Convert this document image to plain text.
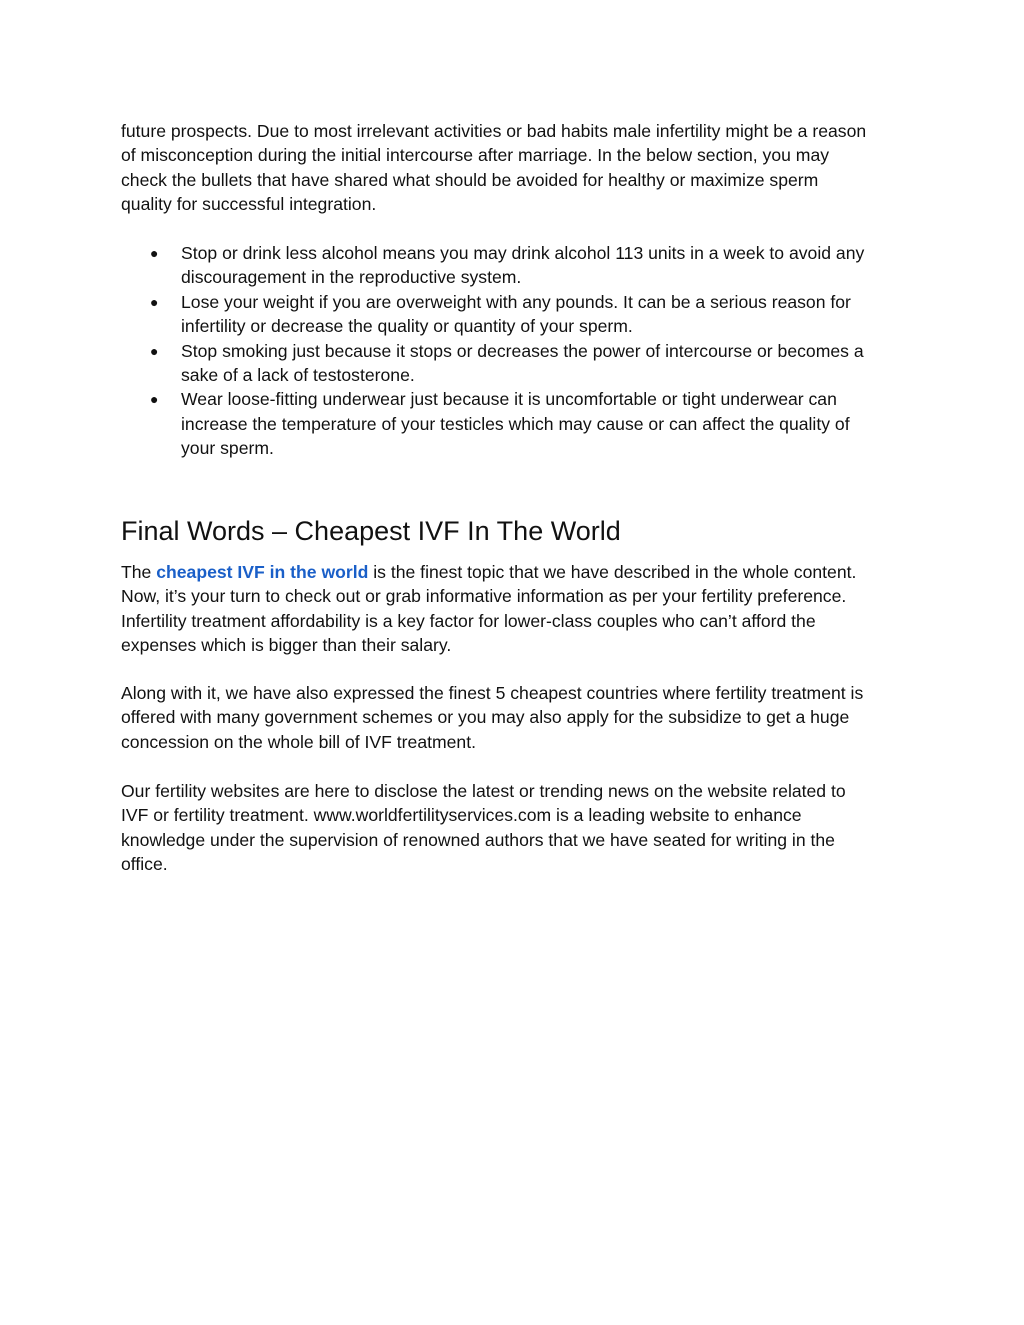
future prospects. Due to most irrelevant activities or bad habits male infertility might be a reason
of misconception during the initial intercourse after marriage. In the below section, you may
check the bullets that have shared what should be avoided for healthy or maximize sperm
quality for successful integration.
● Stop or drink less alcohol means you may drink alcohol 113 units in a week to avoid any
discouragement in the reproductive system.
● Lose your weight if you are overweight with any pounds. It can be a serious reason for
infertility or decrease the quality or quantity of your sperm.
● Stop smoking just because it stops or decreases the power of intercourse or becomes a
sake of a lack of testosterone.
● Wear loose-fitting underwear just because it is uncomfortable or tight underwear can
increase the temperature of your testicles which may cause or can affect the quality of
your sperm.
Final Words – Cheapest IVF In The World
The cheapest IVF in the world is the finest topic that we have described in the whole content.
Now, it’s your turn to check out or grab informative information as per your fertility preference.
Infertility treatment affordability is a key factor for lower-class couples who can’t afford the
expenses which is bigger than their salary.
Along with it, we have also expressed the finest 5 cheapest countries where fertility treatment is
offered with many government schemes or you may also apply for the subsidize to get a huge
concession on the whole bill of IVF treatment.
Our fertility websites are here to disclose the latest or trending news on the website related to
IVF or fertility treatment. www.worldfertilityservices.com is a leading website to enhance
knowledge under the supervision of renowned authors that we have seated for writing in the
office.
